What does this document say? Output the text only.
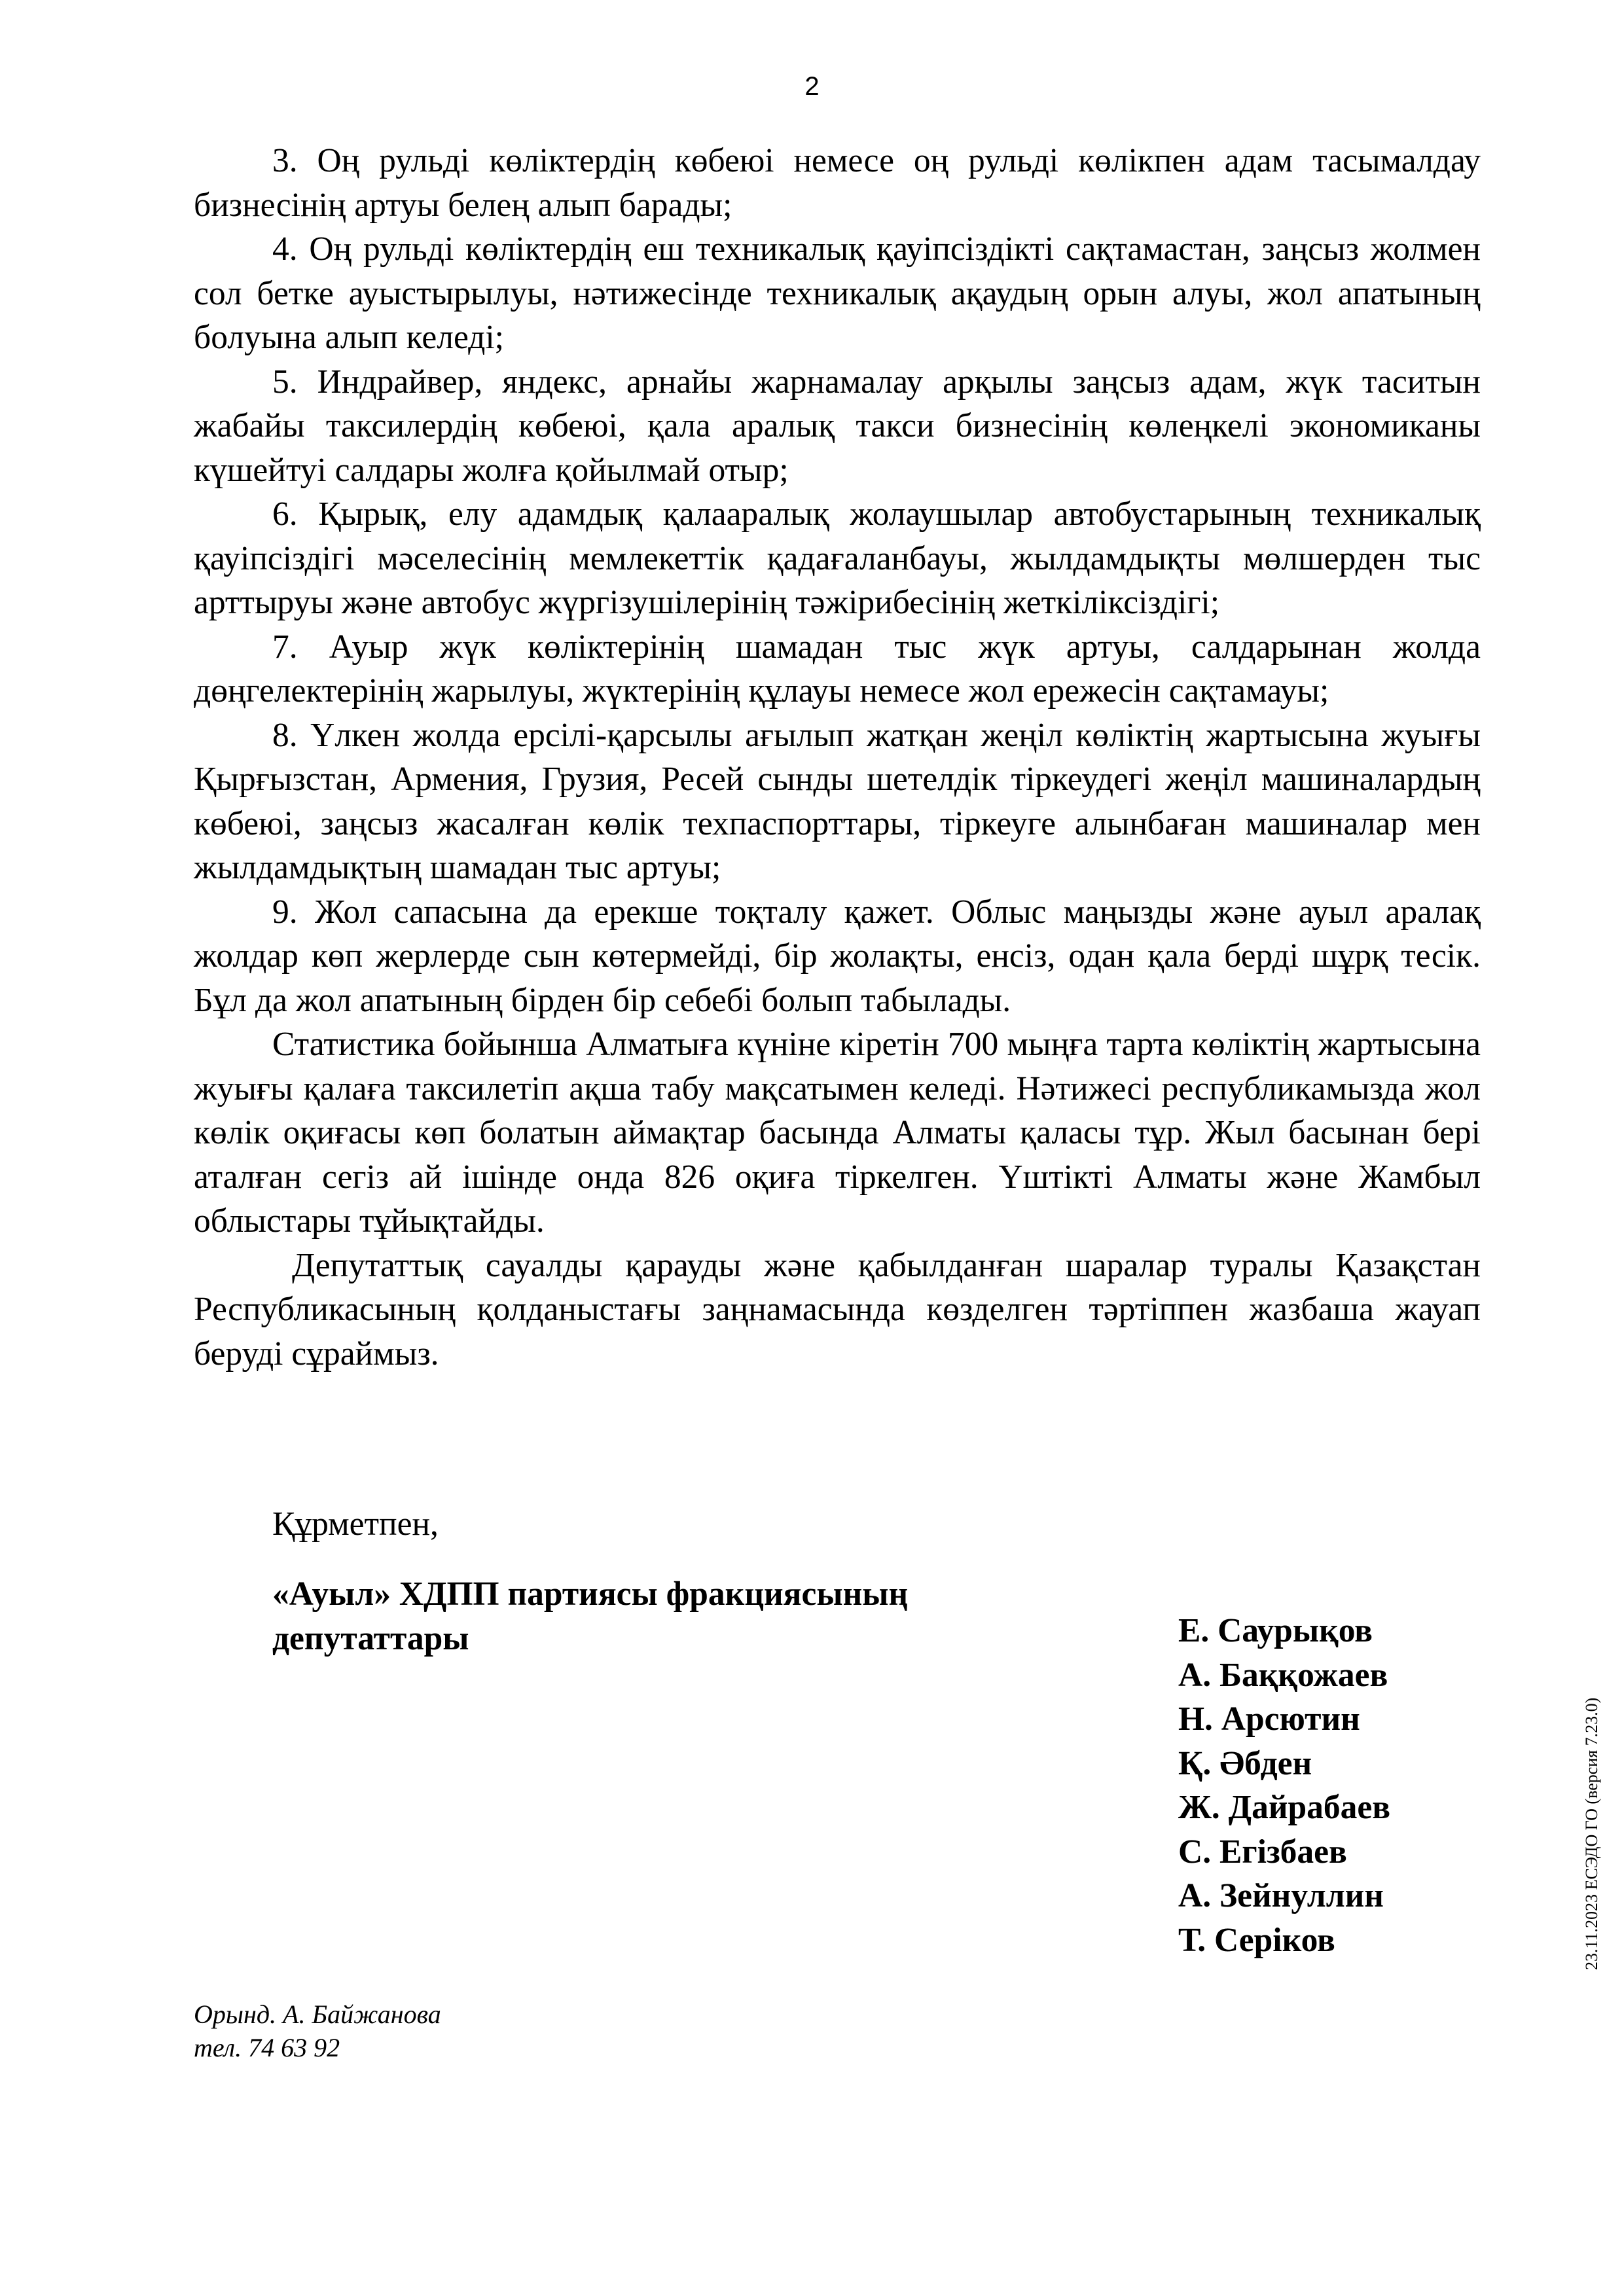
2

3. Оң рульді көліктердің көбеюі немесе оң рульді көлікпен адам тасымалдау бизнесінің артуы белең алып барады;

4. Оң рульді көліктердің еш техникалық қауіпсіздікті сақтамастан, заңсыз жолмен сол бетке ауыстырылуы, нәтижесінде техникалық ақаудың орын алуы, жол апатының болуына алып келеді;

5. Индрайвер, яндекс, арнайы жарнамалау арқылы заңсыз адам, жүк таситын жабайы таксилердің көбеюі, қала аралық такси бизнесінің көлеңкелі экономиканы күшейтуі салдары жолға қойылмай отыр;

6. Қырық, елу адамдық қалааралық жолаушылар автобустарының техникалық қауіпсіздігі мәселесінің мемлекеттік қадағаланбауы, жылдамдықты мөлшерден тыс арттыруы және автобус жүргізушілерінің тәжірибесінің жеткіліксіздігі;

7. Ауыр жүк көліктерінің шамадан тыс жүк артуы, салдарынан жолда дөңгелектерінің жарылуы, жүктерінің құлауы немесе жол ережесін сақтамауы;

8. Үлкен жолда ерсілі-қарсылы ағылып жатқан жеңіл көліктің жартысына жуығы Қырғызстан, Армения, Грузия, Ресей сынды шетелдік тіркеудегі жеңіл машиналардың көбеюі, заңсыз жасалған көлік техпаспорттары, тіркеуге алынбаған машиналар мен жылдамдықтың шамадан тыс артуы;

9. Жол сапасына да ерекше тоқталу қажет. Облыс маңызды және ауыл аралақ жолдар көп жерлерде сын көтермейді, бір жолақты, енсіз, одан қала берді шұрқ тесік. Бұл да жол апатының бірден бір себебі болып табылады.

Статистика бойынша Алматыға күніне кіретін 700 мыңға тарта көліктің жартысына жуығы қалаға таксилетіп ақша табу мақсатымен келеді. Нәтижесі республикамызда жол көлік оқиғасы көп болатын аймақтар басында Алматы қаласы тұр. Жыл басынан бері аталған сегіз ай ішінде онда 826 оқиға тіркелген. Үштікті Алматы және Жамбыл облыстары тұйықтайды.

Депутаттық сауалды қарауды және қабылданған шаралар туралы Қазақстан Республикасының қолданыстағы заңнамасында көзделген тәртіппен жазбаша жауап беруді сұраймыз.

Құрметпен,
«Ауыл» ХДПП партиясы фракциясының
депутаттары	Е. Саурықов
А. Баққожаев
Н. Арсютин
Қ. Әбден
Ж. Дайрабаев
С. Егізбаев
А. Зейнуллин
Т. Серіков
Орынд. А. Байжанова
тел. 74 63 92
23.11.2023 ЕСЭДО ГО (версия 7.23.0)
